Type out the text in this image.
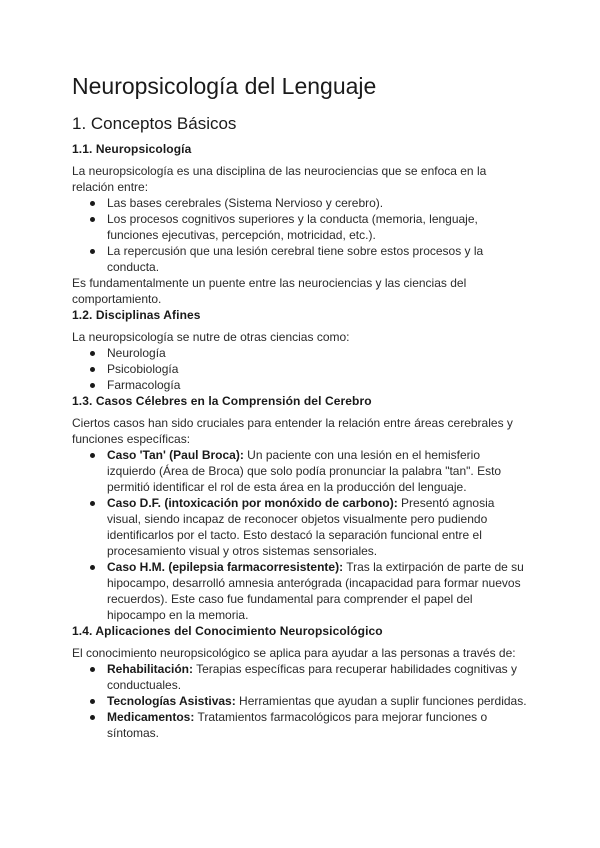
Neuropsicología del Lenguaje
1. Conceptos Básicos
1.1. Neuropsicología

La neuropsicología es una disciplina de las neurociencias que se enfoca en la relación entre:

Las bases cerebrales (Sistema Nervioso y cerebro).
Los procesos cognitivos superiores y la conducta (memoria, lenguaje, funciones ejecutivas, percepción, motricidad, etc.).
La repercusión que una lesión cerebral tiene sobre estos procesos y la conducta.

Es fundamentalmente un puente entre las neurociencias y las ciencias del comportamiento.

1.2. Disciplinas Afines

La neuropsicología se nutre de otras ciencias como:

Neurología
Psicobiología
Farmacología
1.3. Casos Célebres en la Comprensión del Cerebro

Ciertos casos han sido cruciales para entender la relación entre áreas cerebrales y funciones específicas:

Caso 'Tan' (Paul Broca): Un paciente con una lesión en el hemisferio izquierdo (Área de Broca) que solo podía pronunciar la palabra "tan". Esto permitió identificar el rol de esta área en la producción del lenguaje.
Caso D.F. (intoxicación por monóxido de carbono): Presentó agnosia visual, siendo incapaz de reconocer objetos visualmente pero pudiendo identificarlos por el tacto. Esto destacó la separación funcional entre el procesamiento visual y otros sistemas sensoriales.
Caso H.M. (epilepsia farmacorresistente): Tras la extirpación de parte de su hipocampo, desarrolló amnesia anterógrada (incapacidad para formar nuevos recuerdos). Este caso fue fundamental para comprender el papel del hipocampo en la memoria.
1.4. Aplicaciones del Conocimiento Neuropsicológico

El conocimiento neuropsicológico se aplica para ayudar a las personas a través de:

Rehabilitación: Terapias específicas para recuperar habilidades cognitivas y conductuales.
Tecnologías Asistivas: Herramientas que ayudan a suplir funciones perdidas.
Medicamentos: Tratamientos farmacológicos para mejorar funciones o síntomas.
